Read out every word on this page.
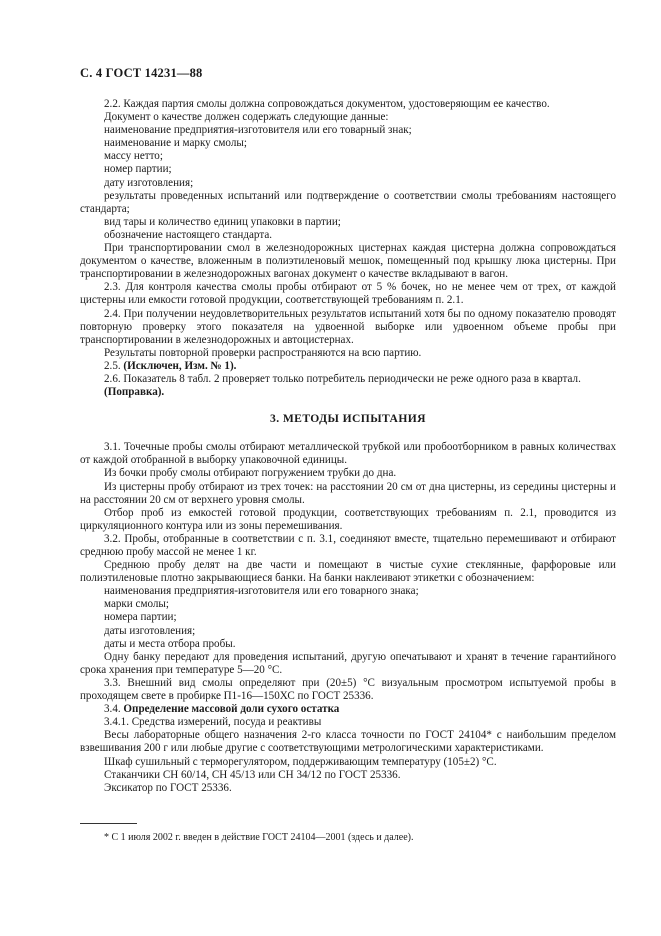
С. 4 ГОСТ 14231—88

2.2. Каждая партия смолы должна сопровождаться документом, удостоверяющим ее качество.

Документ о качестве должен содержать следующие данные:

наименование предприятия-изготовителя или его товарный знак;

наименование и марку смолы;

массу нетто;

номер партии;

дату изготовления;

результаты проведенных испытаний или подтверждение о соответствии смолы требованиям настоящего стандарта;

вид тары и количество единиц упаковки в партии;

обозначение настоящего стандарта.

При транспортировании смол в железнодорожных цистернах каждая цистерна должна сопровождаться документом о качестве, вложенным в полиэтиленовый мешок, помещенный под крышку люка цистерны. При транспортировании в железнодорожных вагонах документ о качестве вкладывают в вагон.

2.3. Для контроля качества смолы пробы отбирают от 5 % бочек, но не менее чем от трех, от каждой цистерны или емкости готовой продукции, соответствующей требованиям п. 2.1.

2.4. При получении неудовлетворительных результатов испытаний хотя бы по одному показателю проводят повторную проверку этого показателя на удвоенной выборке или удвоенном объеме пробы при транспортировании в железнодорожных и автоцистернах.

Результаты повторной проверки распространяются на всю партию.

2.5. (Исключен, Изм. № 1).

2.6. Показатель 8 табл. 2 проверяет только потребитель периодически не реже одного раза в квартал.

(Поправка).

3. МЕТОДЫ ИСПЫТАНИЯ

3.1. Точечные пробы смолы отбирают металлической трубкой или пробоотборником в равных количествах от каждой отобранной в выборку упаковочной единицы.

Из бочки пробу смолы отбирают погружением трубки до дна.

Из цистерны пробу отбирают из трех точек: на расстоянии 20 см от дна цистерны, из середины цистерны и на расстоянии 20 см от верхнего уровня смолы.

Отбор проб из емкостей готовой продукции, соответствующих требованиям п. 2.1, проводится из циркуляционного контура или из зоны перемешивания.

3.2. Пробы, отобранные в соответствии с п. 3.1, соединяют вместе, тщательно перемешивают и отбирают среднюю пробу массой не менее 1 кг.

Среднюю пробу делят на две части и помещают в чистые сухие стеклянные, фарфоровые или полиэтиленовые плотно закрывающиеся банки. На банки наклеивают этикетки с обозначением:

наименования предприятия-изготовителя или его товарного знака;

марки смолы;

номера партии;

даты изготовления;

даты и места отбора пробы.

Одну банку передают для проведения испытаний, другую опечатывают и хранят в течение гарантийного срока хранения при температуре 5—20 °С.

3.3. Внешний вид смолы определяют при (20±5) °С визуальным просмотром испытуемой пробы в проходящем свете в пробирке П1-16—150ХС по ГОСТ 25336.

3.4. Определение массовой доли сухого остатка

3.4.1. Средства измерений, посуда и реактивы

Весы лабораторные общего назначения 2-го класса точности по ГОСТ 24104* с наибольшим пределом взвешивания 200 г или любые другие с соответствующими метрологическими характеристиками.

Шкаф сушильный с терморегулятором, поддерживающим температуру (105±2) °С.

Стаканчики СН 60/14, СН 45/13 или СН 34/12 по ГОСТ 25336.

Эксикатор по ГОСТ 25336.

* С 1 июля 2002 г. введен в действие ГОСТ 24104—2001 (здесь и далее).
